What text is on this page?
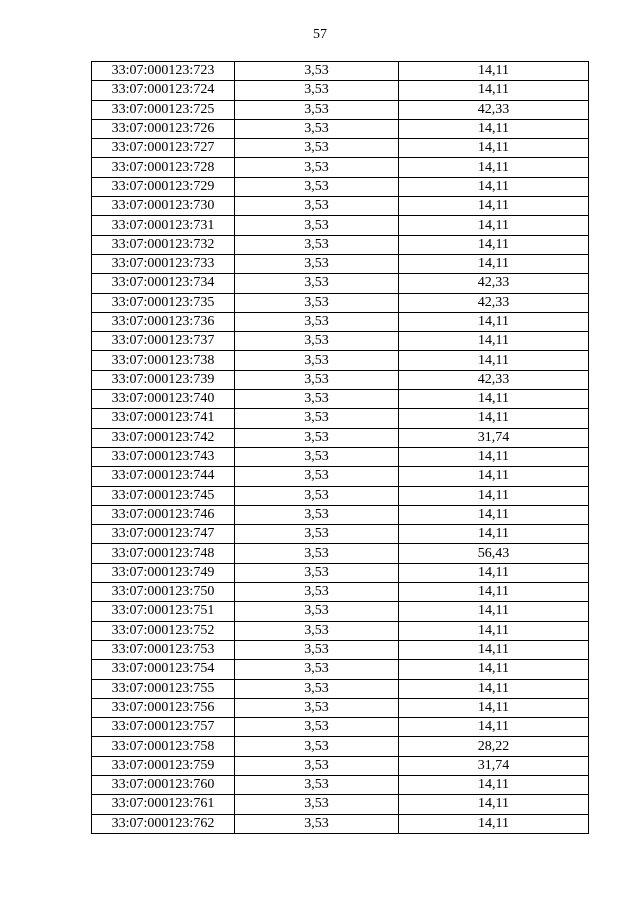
57
33:07:000123:723	3,53	14,11
33:07:000123:724	3,53	14,11
33:07:000123:725	3,53	42,33
33:07:000123:726	3,53	14,11
33:07:000123:727	3,53	14,11
33:07:000123:728	3,53	14,11
33:07:000123:729	3,53	14,11
33:07:000123:730	3,53	14,11
33:07:000123:731	3,53	14,11
33:07:000123:732	3,53	14,11
33:07:000123:733	3,53	14,11
33:07:000123:734	3,53	42,33
33:07:000123:735	3,53	42,33
33:07:000123:736	3,53	14,11
33:07:000123:737	3,53	14,11
33:07:000123:738	3,53	14,11
33:07:000123:739	3,53	42,33
33:07:000123:740	3,53	14,11
33:07:000123:741	3,53	14,11
33:07:000123:742	3,53	31,74
33:07:000123:743	3,53	14,11
33:07:000123:744	3,53	14,11
33:07:000123:745	3,53	14,11
33:07:000123:746	3,53	14,11
33:07:000123:747	3,53	14,11
33:07:000123:748	3,53	56,43
33:07:000123:749	3,53	14,11
33:07:000123:750	3,53	14,11
33:07:000123:751	3,53	14,11
33:07:000123:752	3,53	14,11
33:07:000123:753	3,53	14,11
33:07:000123:754	3,53	14,11
33:07:000123:755	3,53	14,11
33:07:000123:756	3,53	14,11
33:07:000123:757	3,53	14,11
33:07:000123:758	3,53	28,22
33:07:000123:759	3,53	31,74
33:07:000123:760	3,53	14,11
33:07:000123:761	3,53	14,11
33:07:000123:762	3,53	14,11
